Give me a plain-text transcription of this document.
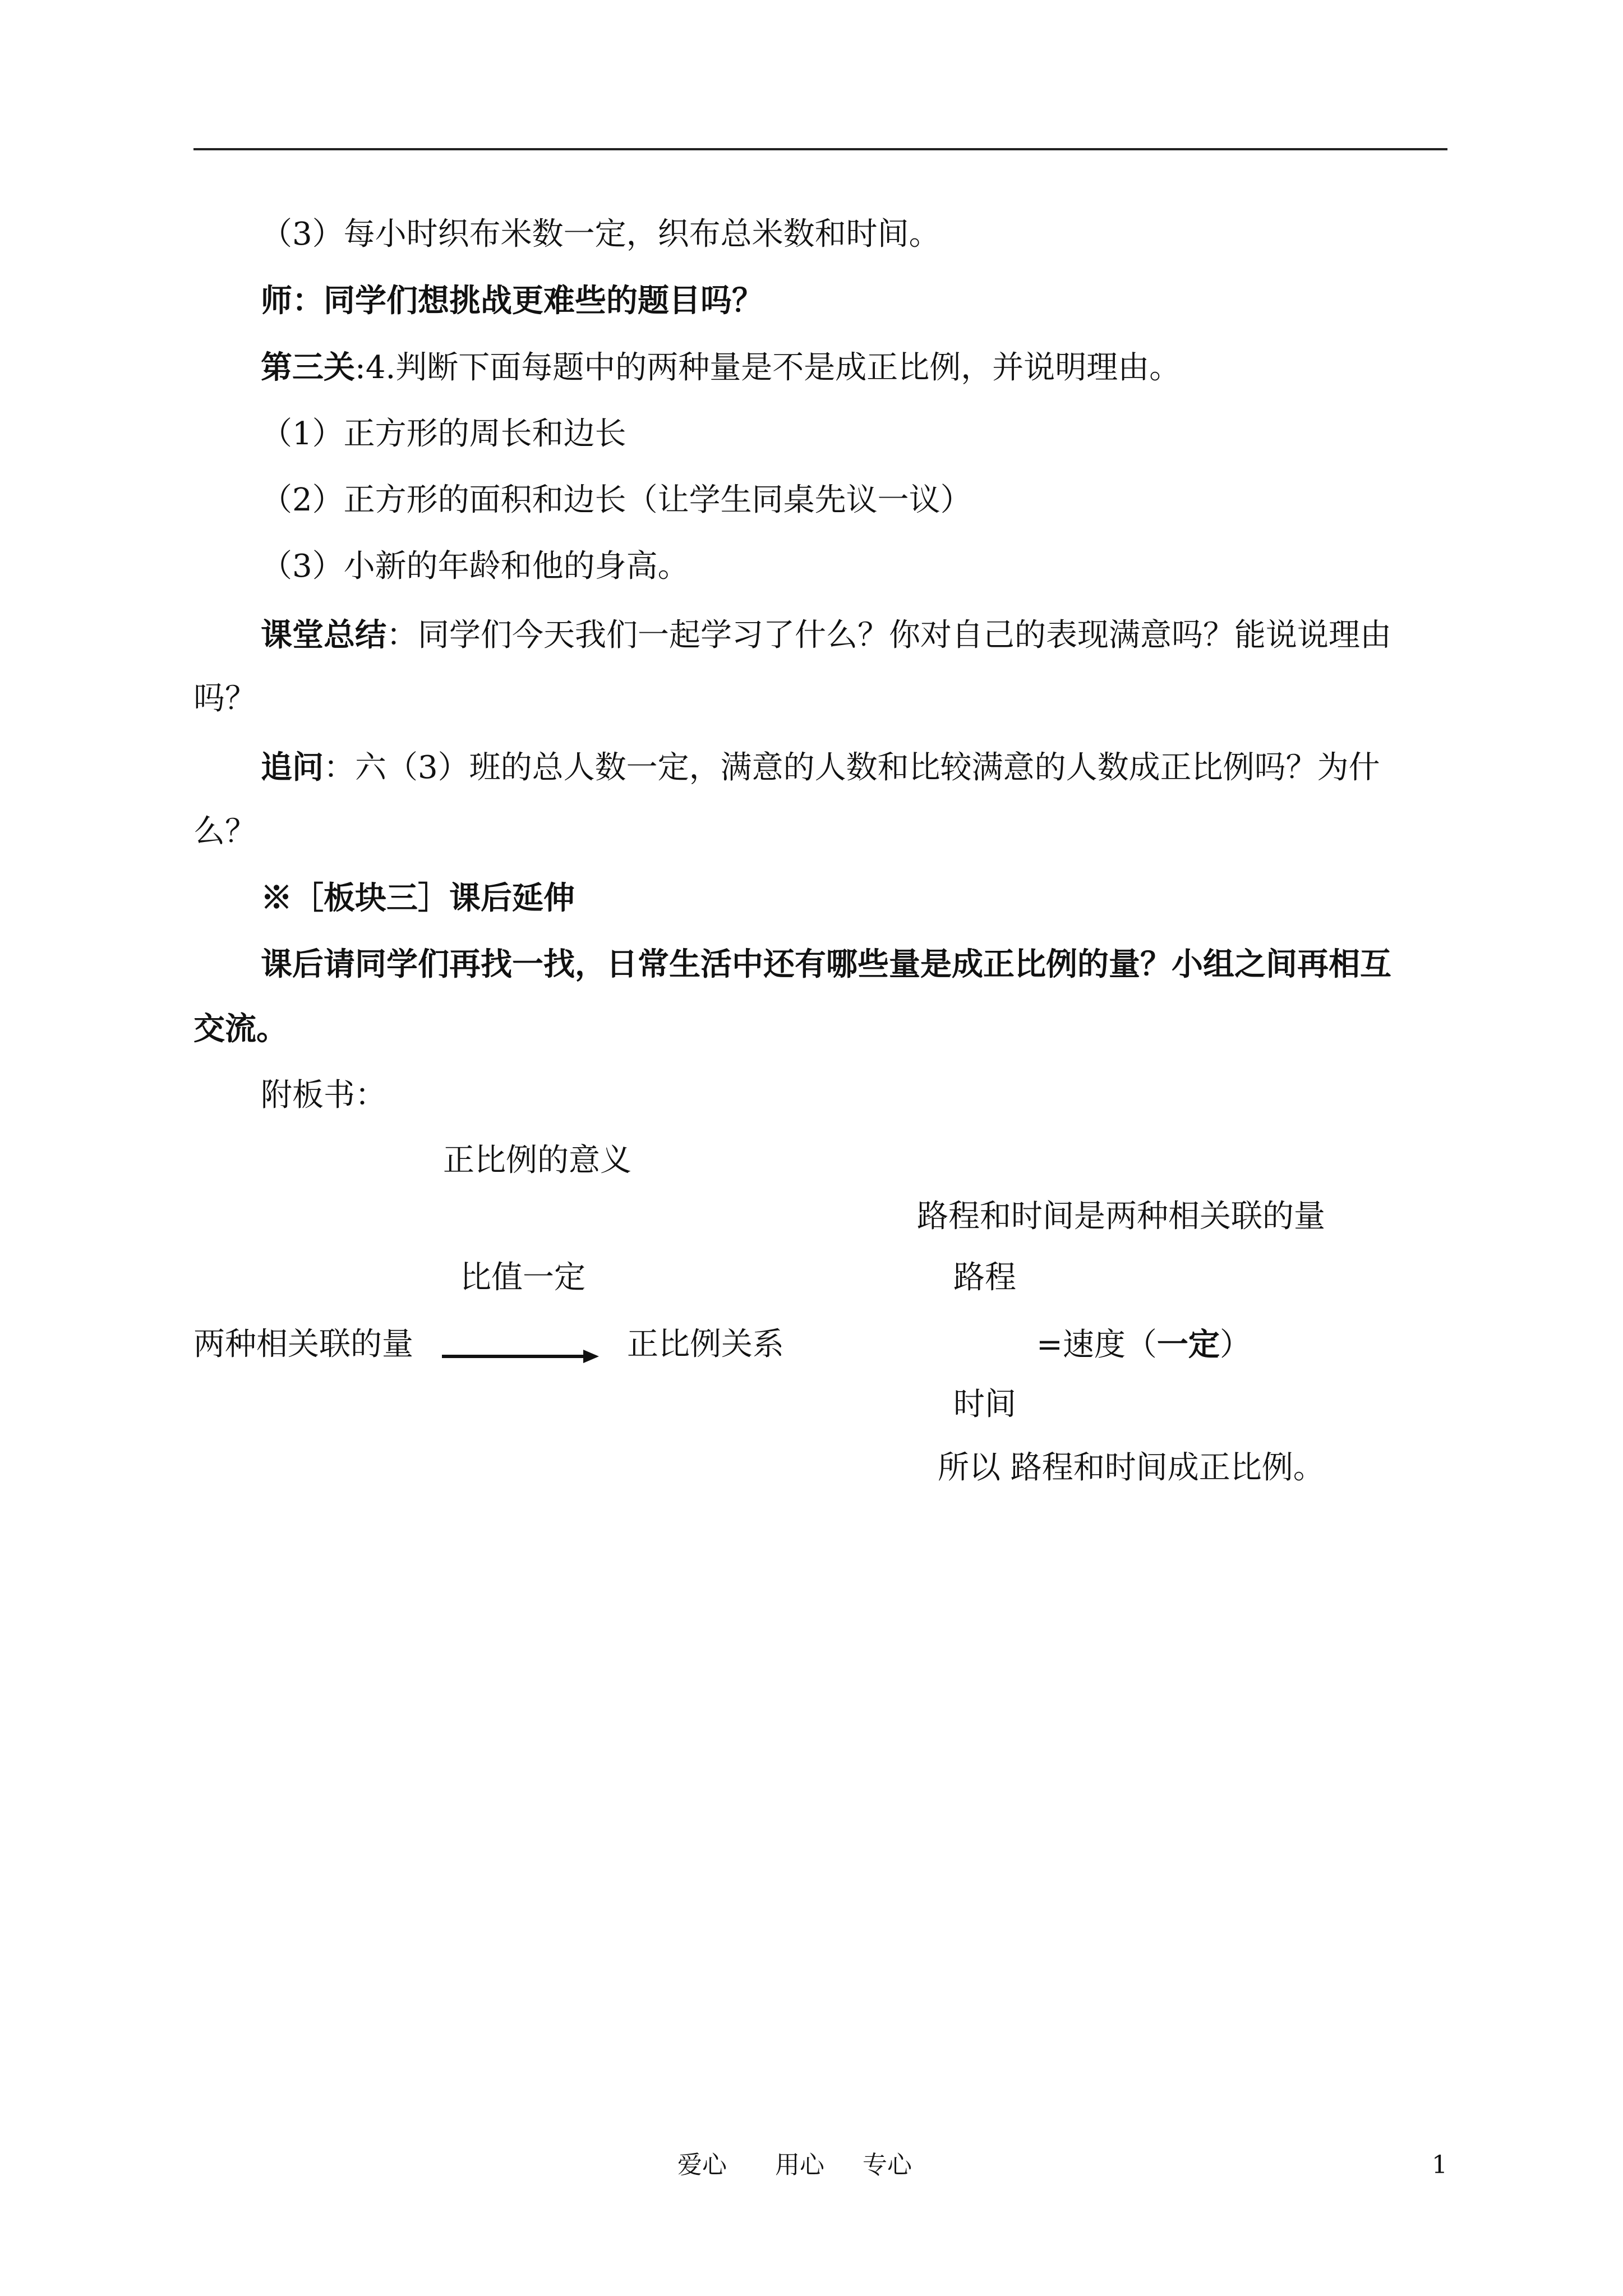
（3）每小时织布米数一定，织布总米数和时间。
师：同学们想挑战更难些的题目吗？
第三关:4.判断下面每题中的两种量是不是成正比例，并说明理由。
（1）正方形的周长和边长
（2）正方形的面积和边长（让学生同桌先议一议）
（3）小新的年龄和他的身高。
课堂总结：同学们今天我们一起学习了什么？你对自己的表现满意吗？能说说理由
吗？
追问：六（3）班的总人数一定，满意的人数和比较满意的人数成正比例吗？为什
么？
※［板块三］课后延伸
课后请同学们再找一找，日常生活中还有哪些量是成正比例的量？小组之间再相互
交流。
附板书：
正比例的意义
路程和时间是两种相关联的量
比值一定	路程
两种相关联的量	正比例关系	=速度（一定）
时间
所以 路程和时间成正比例。
爱心 用心 专心	1
